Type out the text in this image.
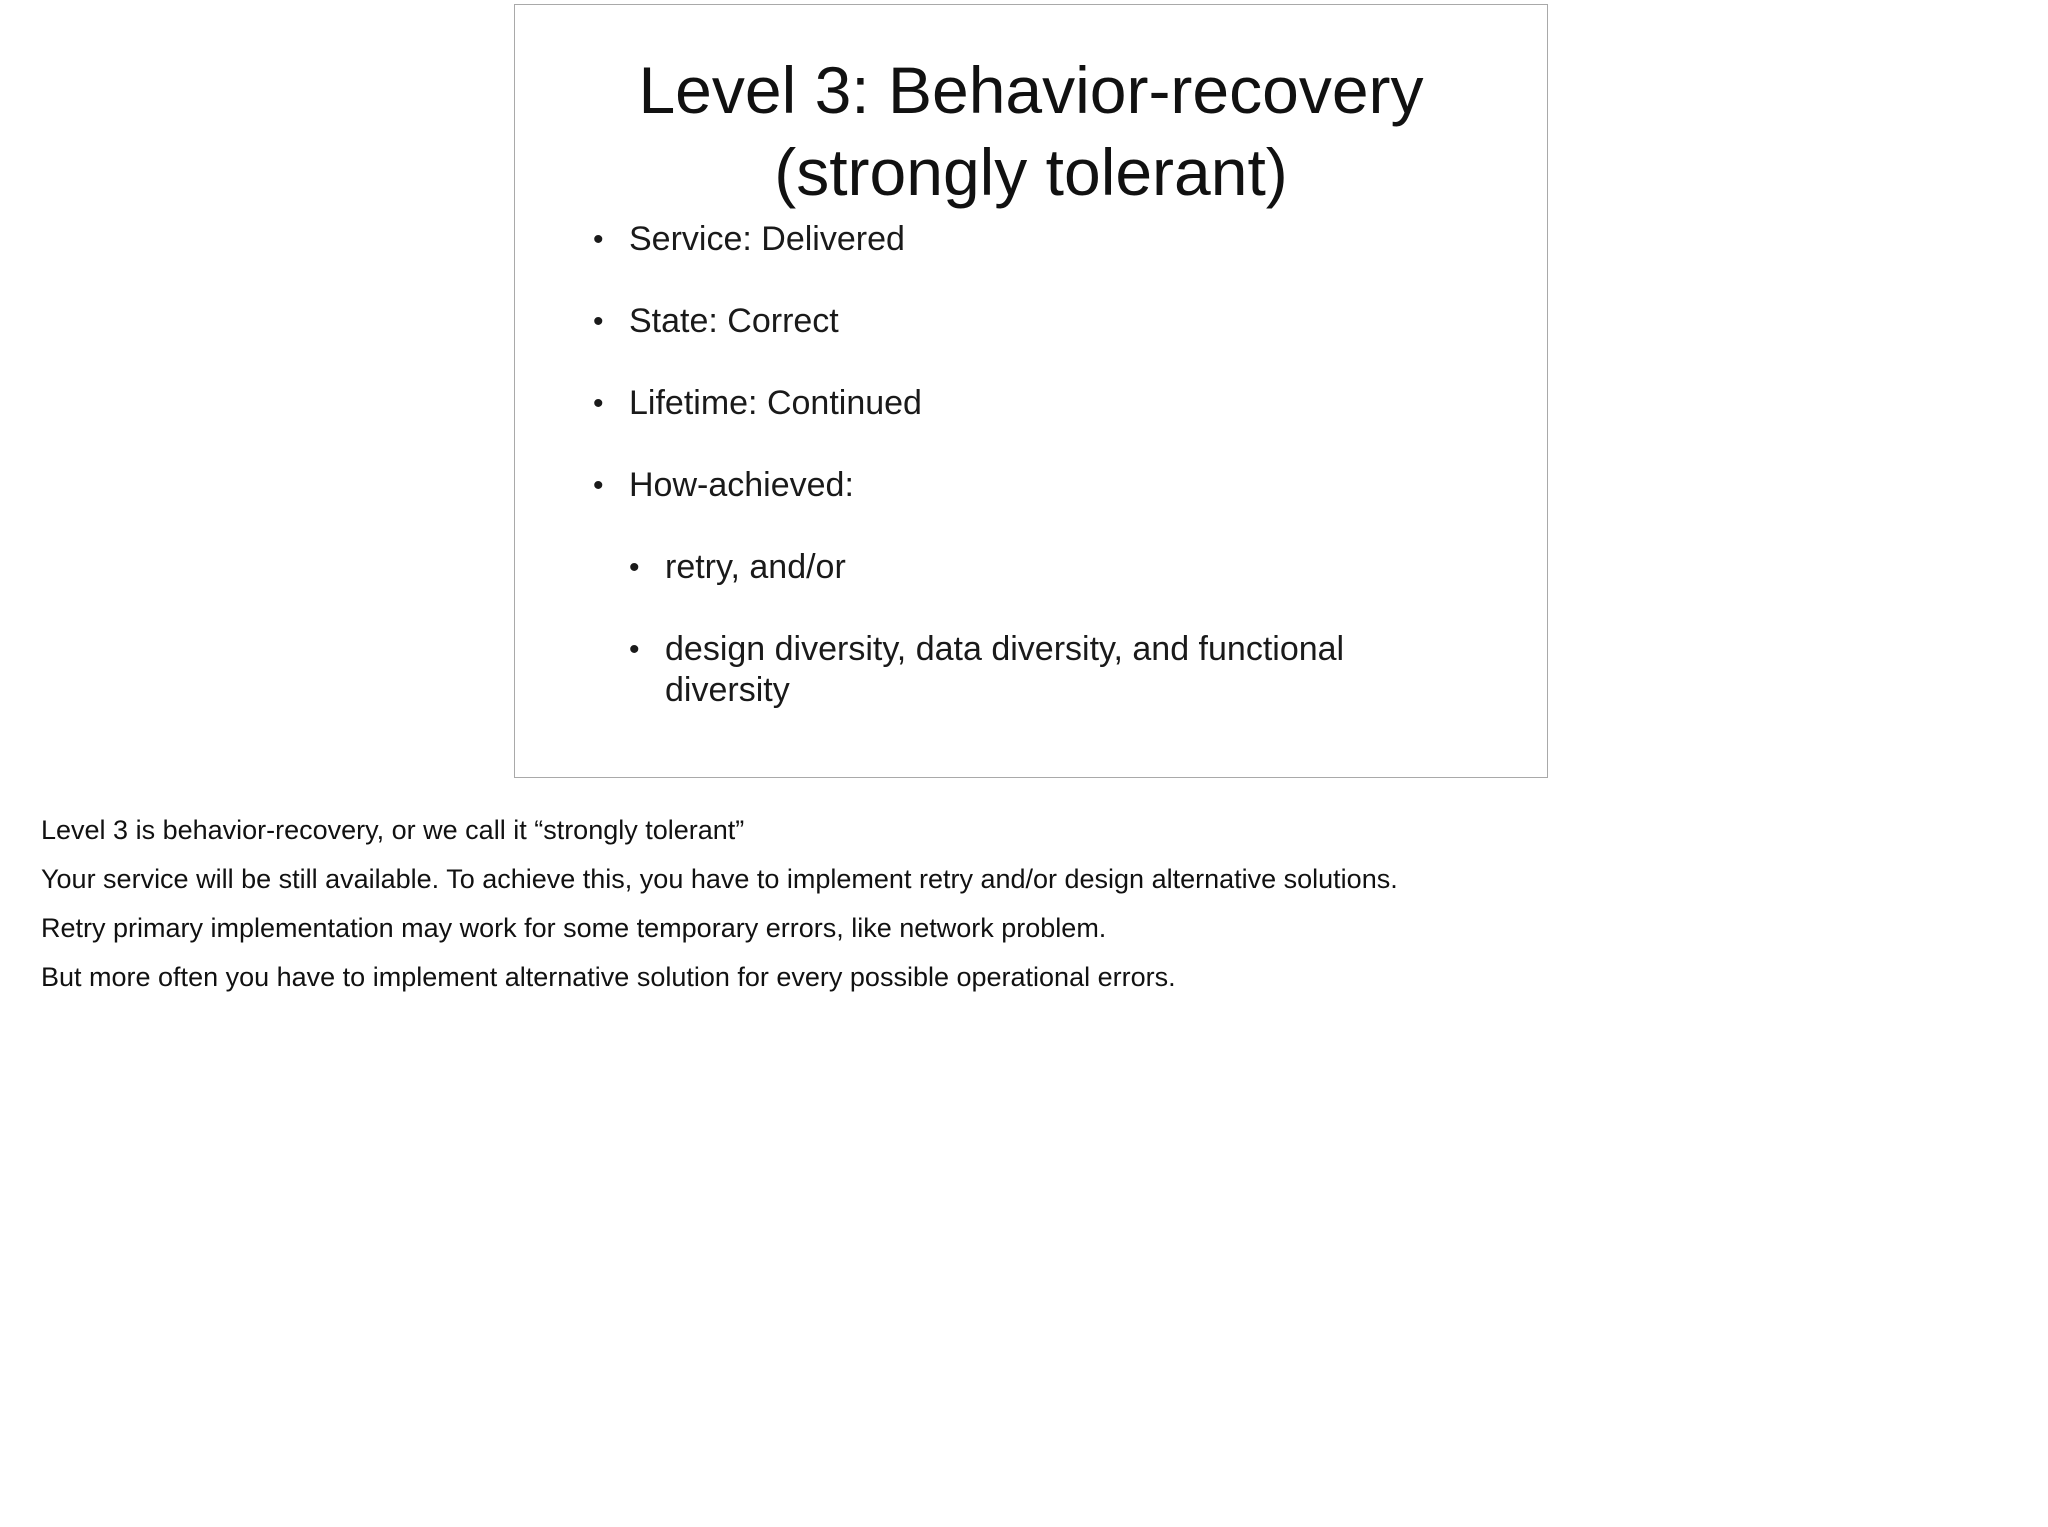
Level 3: Behavior-recovery
(strongly tolerant)
• Service: Delivered
• State: Correct
• Lifetime: Continued
• How-achieved:
• retry, and/or
• design diversity, data diversity, and functional diversity
Level 3 is behavior-recovery, or we call it “strongly tolerant”
Your service will be still available. To achieve this, you have to implement retry and/or design alternative solutions.
Retry primary implementation may work for some temporary errors, like network problem.
But more often you have to implement alternative solution for every possible operational errors.
